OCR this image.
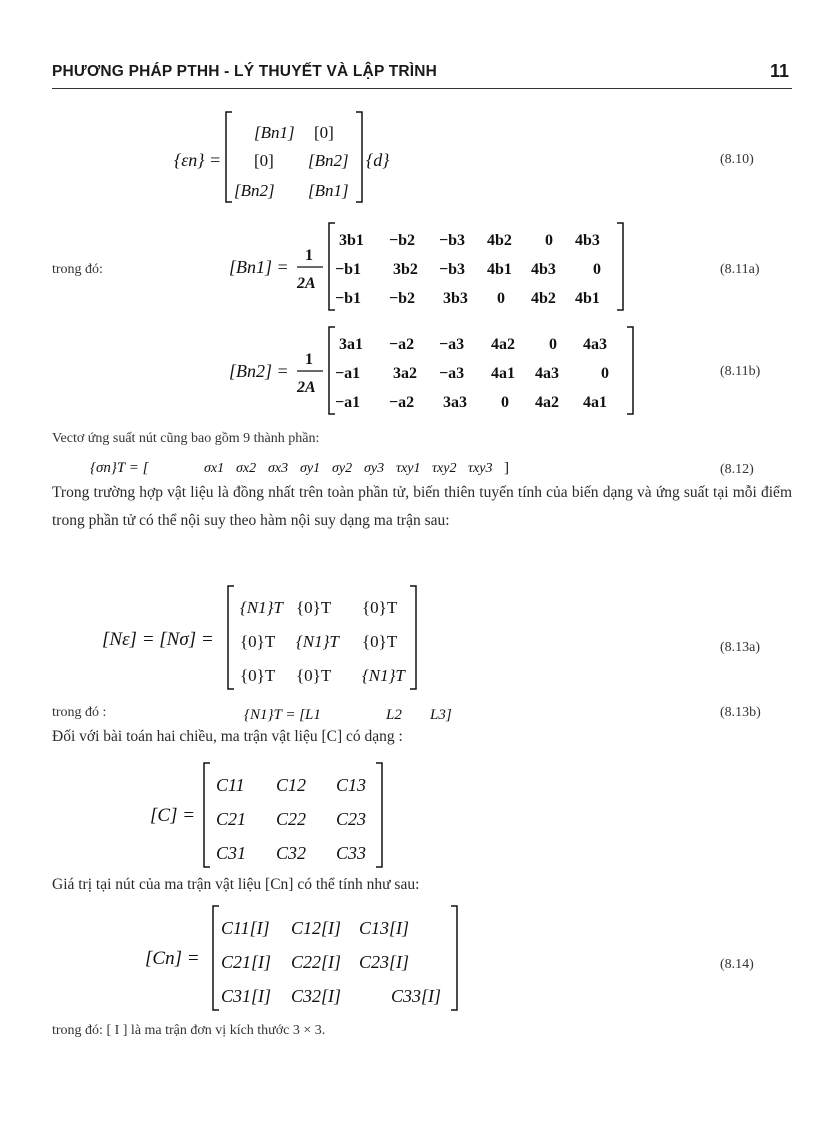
PHƯƠNG PHÁP PTHH - LÝ THUYẾT VÀ LẬP TRÌNH	11
{εn} =
[Bn1] [0]
[0] [Bn2]
[Bn2] [Bn1]
{d}	(8.10)
trong đó:	[Bn1] =
1
2A
3b1 −b2 −b3 4b2 0 4b3
−b1 3b2 −b3 4b1 4b3 0
−b1 −b2 3b3 0 4b2 4b1
(8.11a)
[Bn2] =
1
2A
3a1 −a2 −a3 4a2 0 4a3
−a1 3a2 −a3 4a1 4a3	0
−a1 −a2 3a3 0 4a2 4a1
(8.11b)
Vectơ ứng suất nút cũng bao gồm 9 thành phần:
{σn}T = [	σx1 σx2 σx3 σy1 σy2 σy3 τxy1 τxy2 τxy3 ]	(8.12)
Trong trường hợp vật liệu là đồng nhất trên toàn phần tử, biến thiên tuyến tính của biến dạng và ứng suất tại mỗi điểm trong phần tử có thể nội suy theo hàm nội suy dạng ma trận sau:
[Nε] = [Nσ] =
{N1}T {0}T {0}T
{0}T {N1}T {0}T
{0}T {0}T {N1}T
(8.13a)
trong đó :	{N1}T = [L1	L2 L3]	(8.13b)
Đối với bài toán hai chiều, ma trận vật liệu [C] có dạng :
[C] =
C11 C12 C13
C21 C22 C23
C31 C32 C33
Giá trị tại nút của ma trận vật liệu [Cn] có thể tính như sau:
[Cn] =
C11[I] C12[I] C13[I]
C21[I] C22[I] C23[I]
C31[I] C32[I]	C33[I]
(8.14)
trong đó: [ I ] là ma trận đơn vị kích thước 3 × 3.
